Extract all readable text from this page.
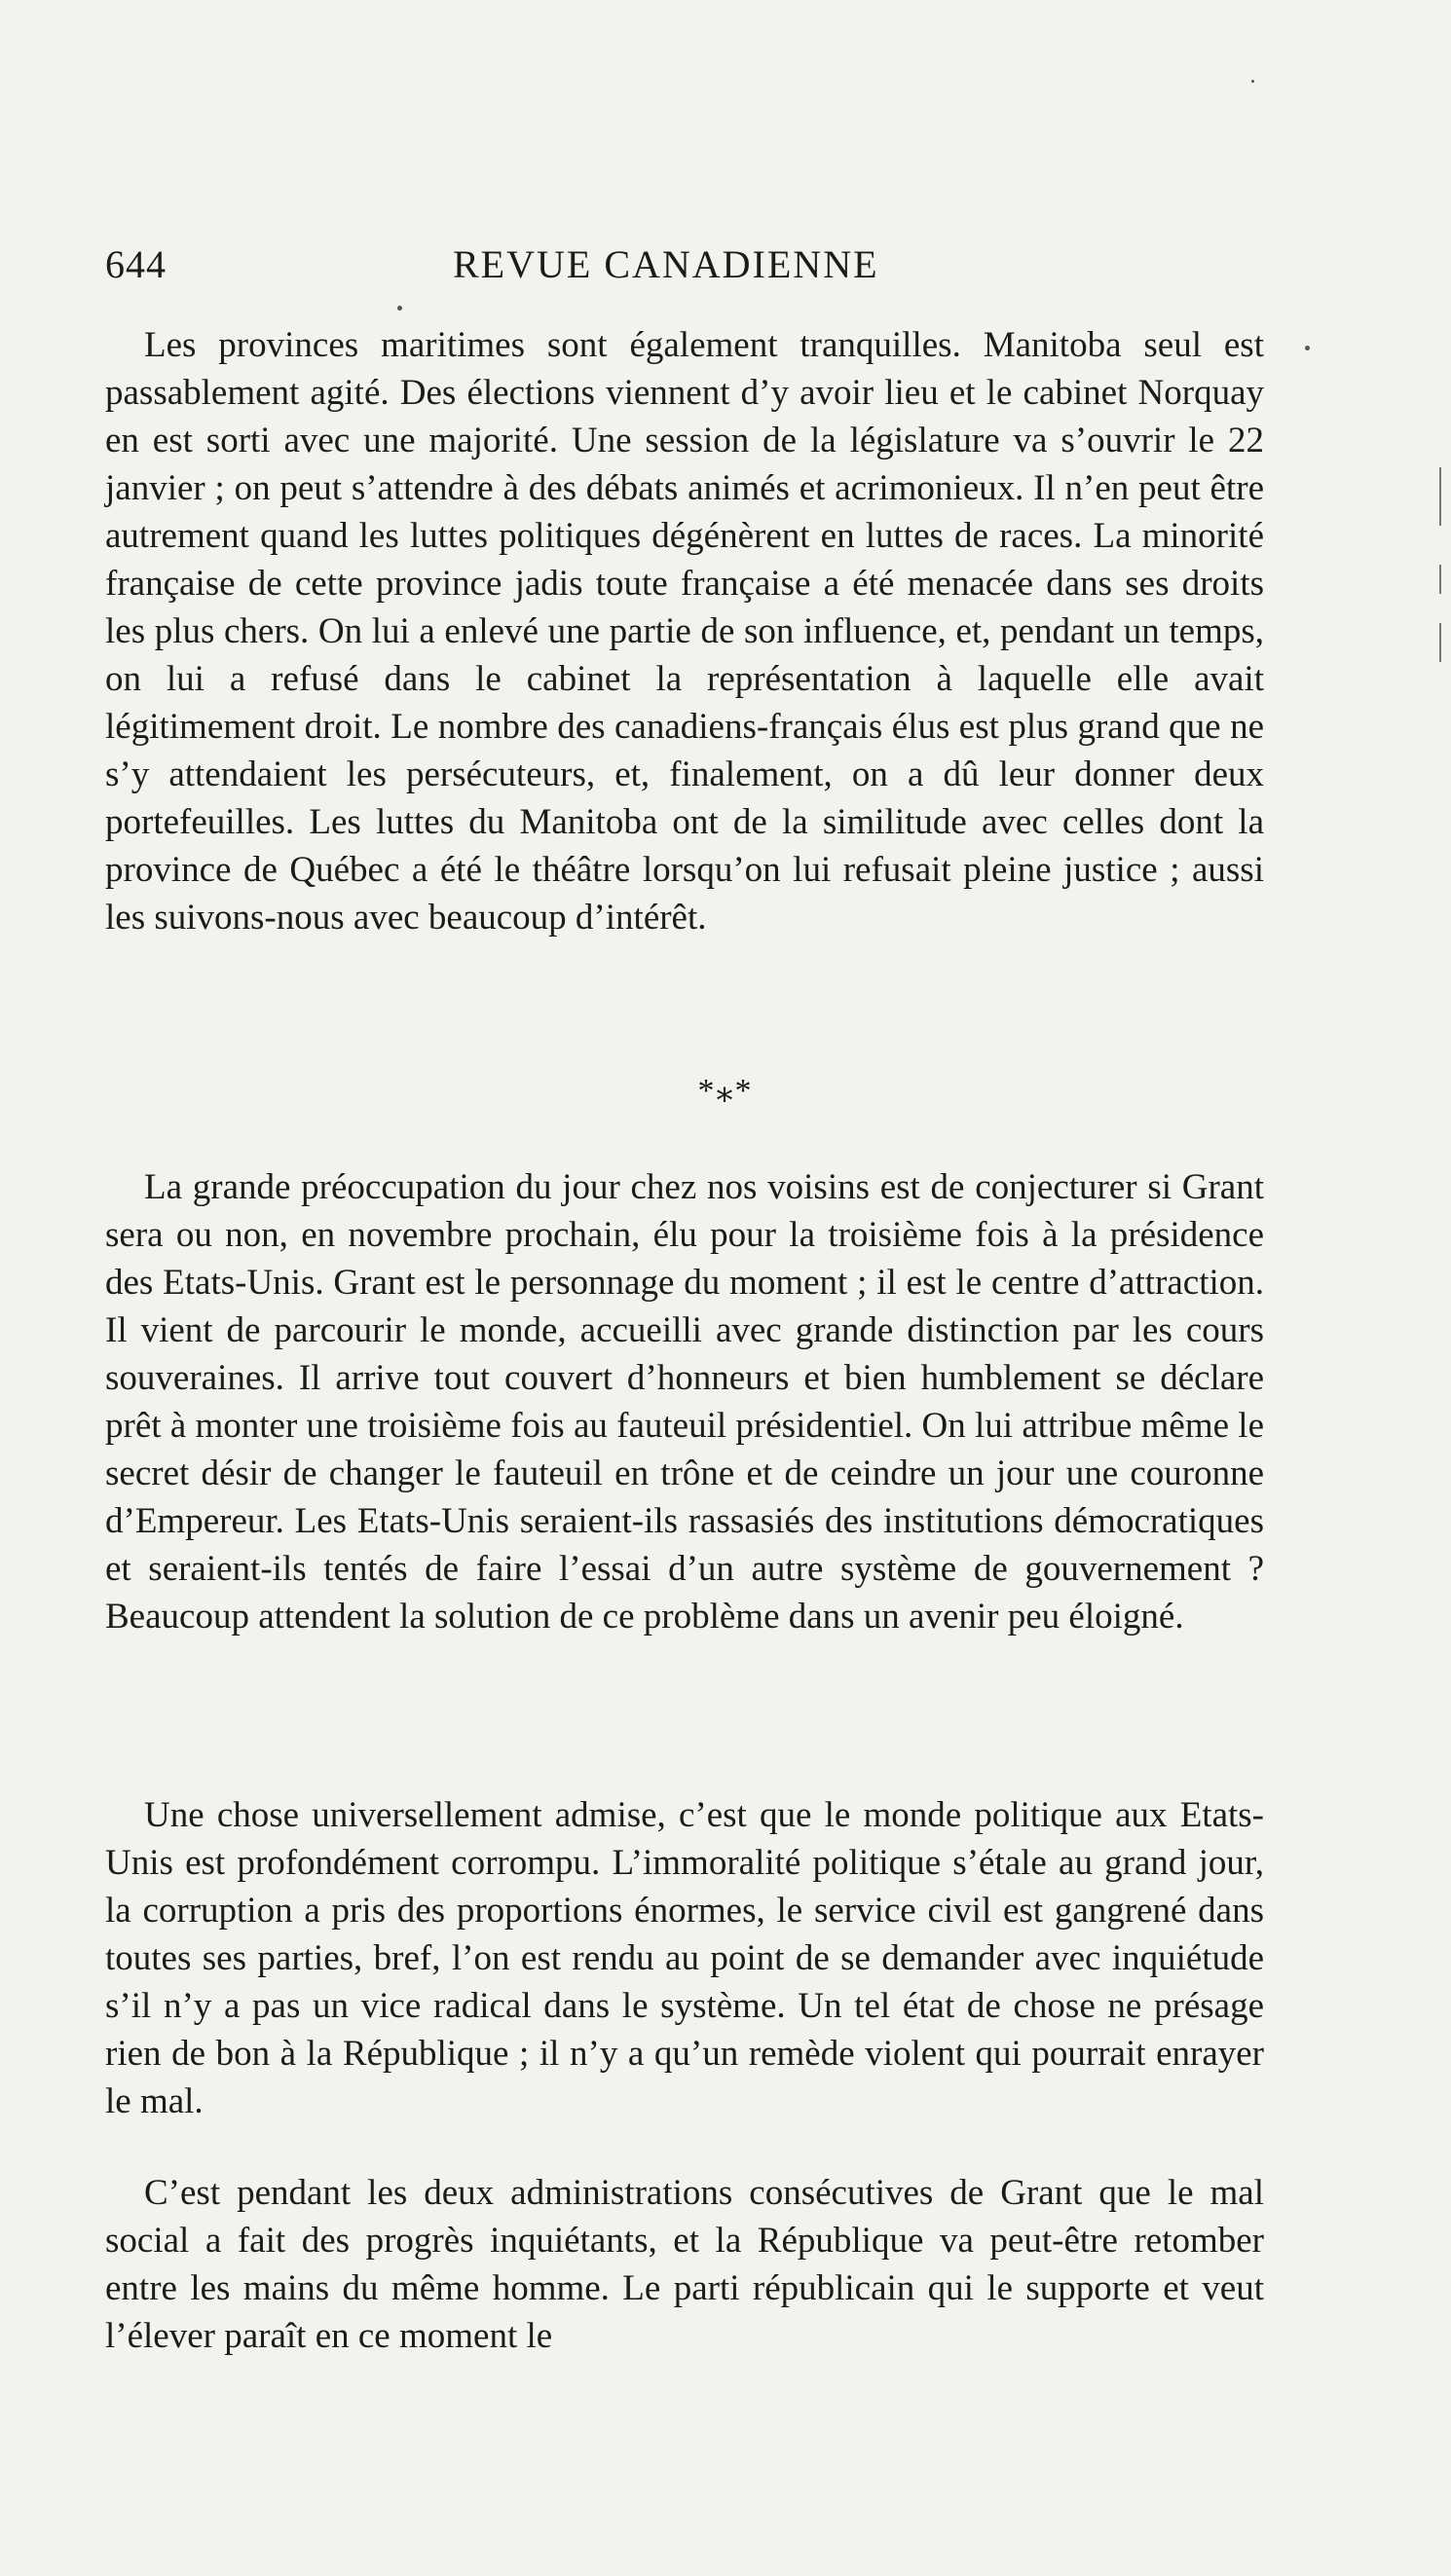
644	REVUE CANADIENNE

Les provinces maritimes sont également tranquilles. Manitoba seul est passablement agité. Des élections viennent d’y avoir lieu et le cabinet Norquay en est sorti avec une majorité. Une session de la législature va s’ouvrir le 22 janvier ; on peut s’attendre à des débats animés et acrimonieux. Il n’en peut être autrement quand les luttes politiques dégénèrent en luttes de races. La minorité française de cette province jadis toute française a été menacée dans ses droits les plus chers. On lui a enlevé une partie de son influence, et, pendant un temps, on lui a refusé dans le cabinet la représentation à laquelle elle avait légitimement droit. Le nombre des canadiens-français élus est plus grand que ne s’y attendaient les persécuteurs, et, finalement, on a dû leur donner deux portefeuilles. Les luttes du Manitoba ont de la similitude avec celles dont la province de Québec a été le théâtre lorsqu’on lui refusait pleine justice ; aussi les suivons-nous avec beaucoup d’intérêt.

*⁎*

La grande préoccupation du jour chez nos voisins est de conjecturer si Grant sera ou non, en novembre prochain, élu pour la troisième fois à la présidence des Etats-Unis. Grant est le personnage du moment ; il est le centre d’attraction. Il vient de parcourir le monde, accueilli avec grande distinction par les cours souveraines. Il arrive tout couvert d’honneurs et bien humblement se déclare prêt à monter une troisième fois au fauteuil présidentiel. On lui attribue même le secret désir de changer le fauteuil en trône et de ceindre un jour une couronne d’Empereur. Les Etats-Unis seraient-ils rassasiés des institutions démocratiques et seraient-ils tentés de faire l’essai d’un autre système de gouvernement ? Beaucoup attendent la solution de ce problème dans un avenir peu éloigné.

Une chose universellement admise, c’est que le monde politique aux Etats-Unis est profondément corrompu. L’immoralité politique s’étale au grand jour, la corruption a pris des proportions énormes, le service civil est gangrené dans toutes ses parties, bref, l’on est rendu au point de se demander avec inquiétude s’il n’y a pas un vice radical dans le système. Un tel état de chose ne présage rien de bon à la République ; il n’y a qu’un remède violent qui pourrait enrayer le mal.

C’est pendant les deux administrations consécutives de Grant que le mal social a fait des progrès inquiétants, et la République va peut-être retomber entre les mains du même homme. Le parti républicain qui le supporte et veut l’élever paraît en ce moment le
